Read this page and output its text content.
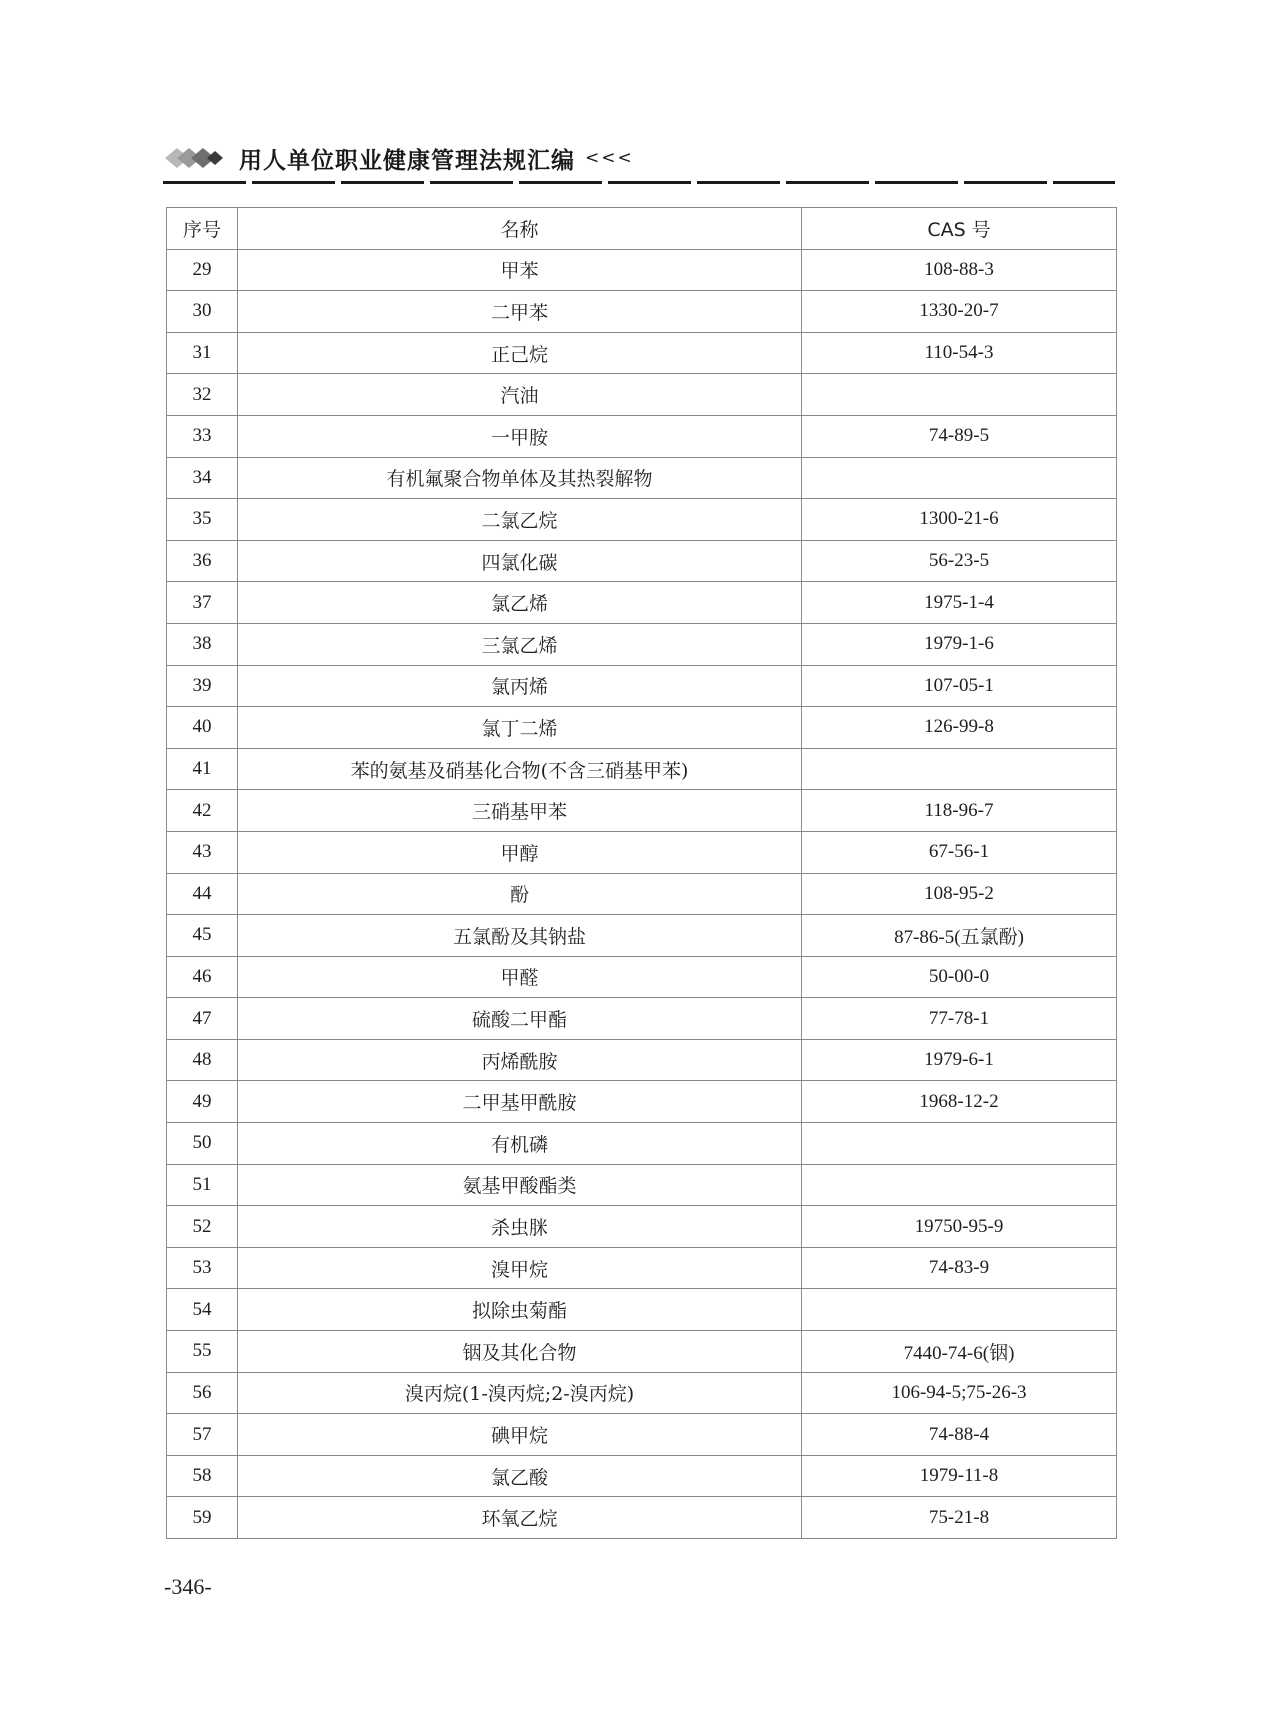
用人单位职业健康管理法规汇编 <<<
序号	名称	CAS 号
29	甲苯	108-88-3
30	二甲苯	1330-20-7
31	正己烷	110-54-3
32	汽油	
33	一甲胺	74-89-5
34	有机氟聚合物单体及其热裂解物	
35	二氯乙烷	1300-21-6
36	四氯化碳	56-23-5
37	氯乙烯	1975-1-4
38	三氯乙烯	1979-1-6
39	氯丙烯	107-05-1
40	氯丁二烯	126-99-8
41	苯的氨基及硝基化合物(不含三硝基甲苯)	
42	三硝基甲苯	118-96-7
43	甲醇	67-56-1
44	酚	108-95-2
45	五氯酚及其钠盐	87-86-5(五氯酚)
46	甲醛	50-00-0
47	硫酸二甲酯	77-78-1
48	丙烯酰胺	1979-6-1
49	二甲基甲酰胺	1968-12-2
50	有机磷	
51	氨基甲酸酯类	
52	杀虫脒	19750-95-9
53	溴甲烷	74-83-9
54	拟除虫菊酯	
55	铟及其化合物	7440-74-6(铟)
56	溴丙烷(1-溴丙烷;2-溴丙烷)	106-94-5;75-26-3
57	碘甲烷	74-88-4
58	氯乙酸	1979-11-8
59	环氧乙烷	75-21-8
-346-
